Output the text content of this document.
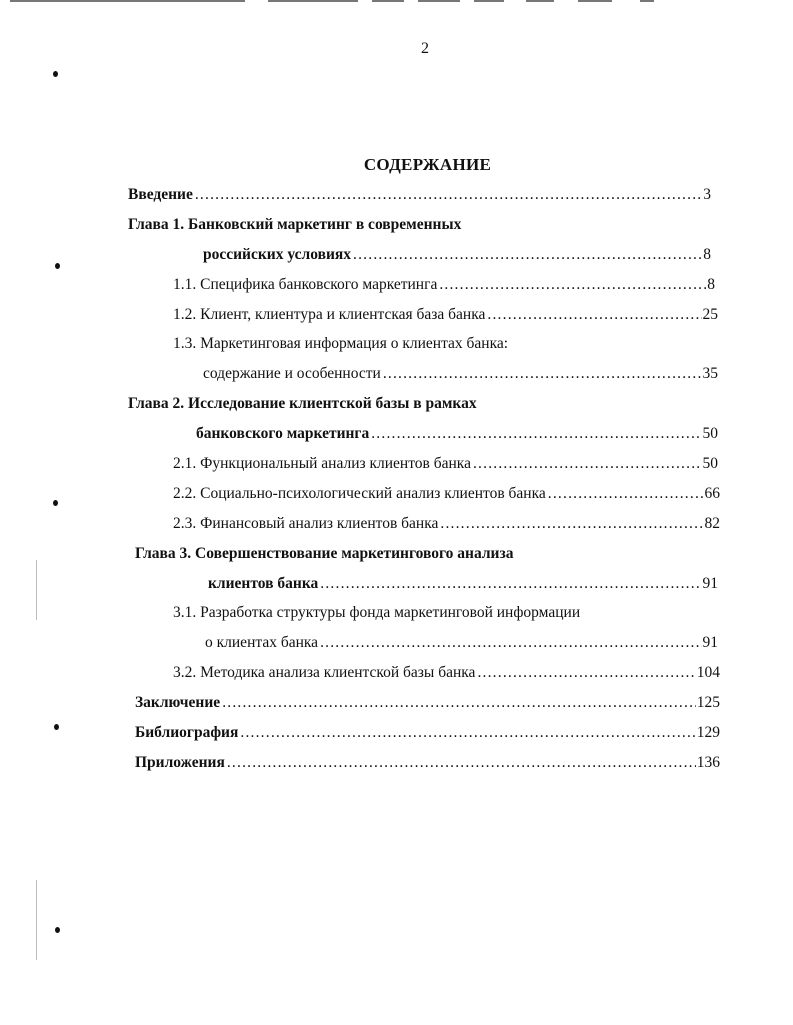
2
СОДЕРЖАНИЕ
Введение .....	3
Глава 1. Банковский маркетинг в современных
российских условиях .....	8
1.1. Специфика банковского маркетинга .....	8
1.2. Клиент, клиентура и клиентская база банка .....	25
1.3. Маркетинговая информация о клиентах банка:
содержание и особенности .....	35
Глава 2. Исследование клиентской базы в рамках
банковского маркетинга .....	50
2.1. Функциональный анализ клиентов банка .....	50
2.2. Социально-психологический анализ клиентов банка .....	66
2.3. Финансовый анализ клиентов банка .....	82
Глава 3. Совершенствование маркетингового анализа
клиентов банка .....	91
3.1. Разработка структуры фонда маркетинговой информации
о клиентах банка .....	91
3.2. Методика анализа клиентской базы банка .....	104
Заключение .....	125
Библиография .....	129
Приложения .....	136
